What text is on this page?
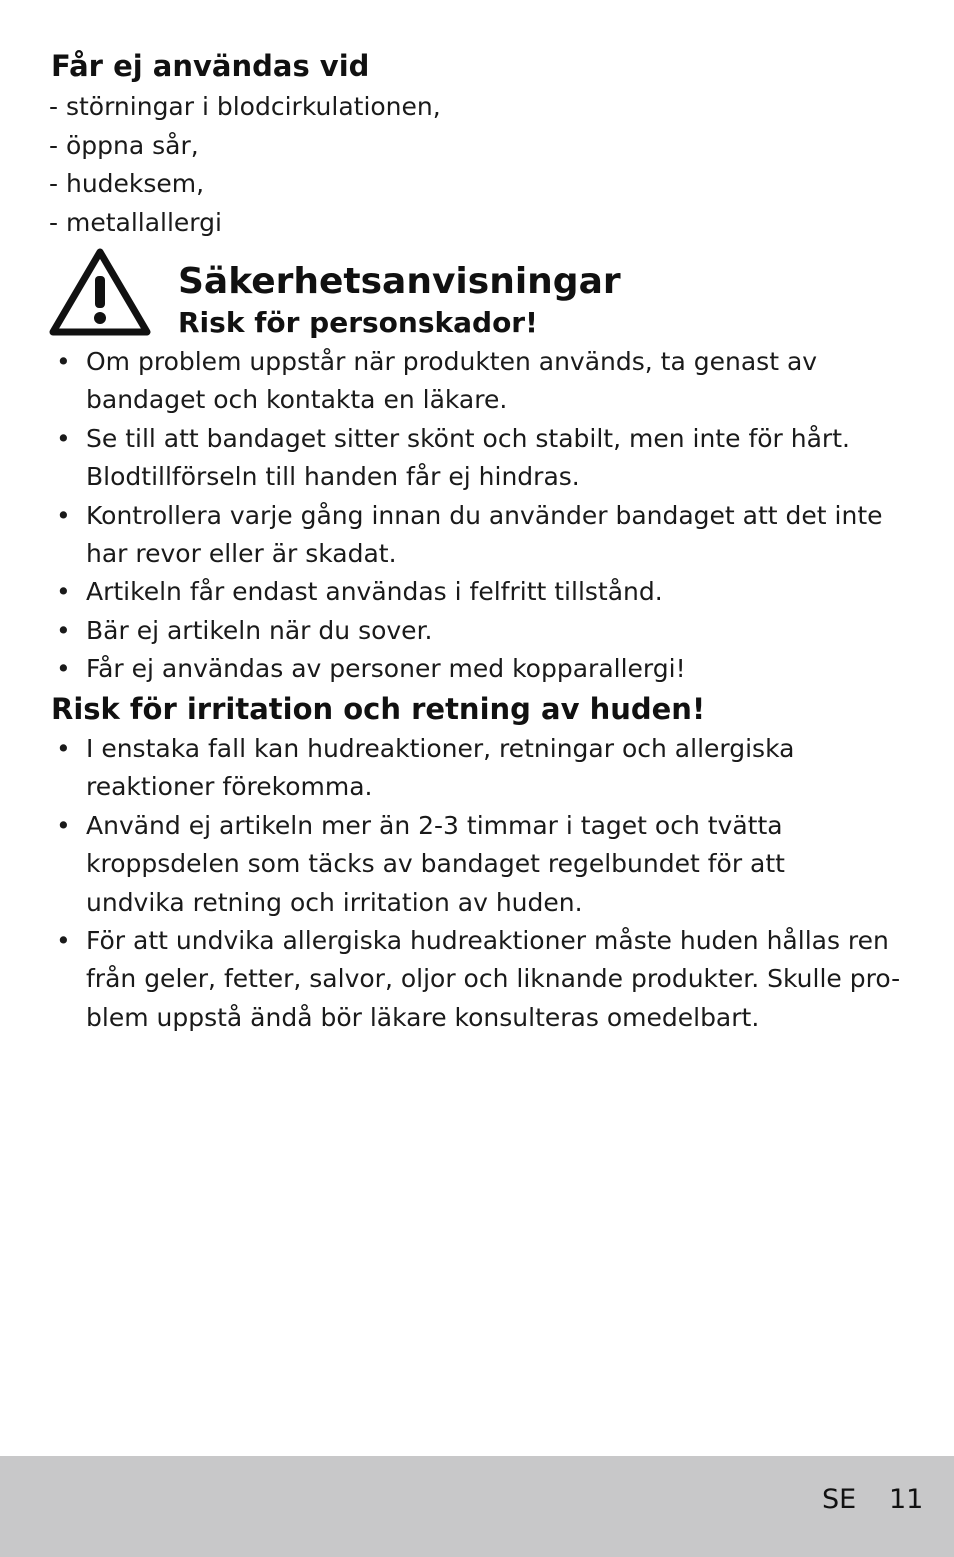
Får ej användas vid
- störningar i blodcirkulationen,
- öppna sår,
- hudeksem,
- metallallergi
Säkerhetsanvisningar
Risk för personskador!
• Om problem uppstår när produkten används, ta genast av
bandaget och kontakta en läkare.
• Se till att bandaget sitter skönt och stabilt, men inte för hårt.
Blodtillförseln till handen får ej hindras.
• Kontrollera varje gång innan du använder bandaget att det inte
har revor eller är skadat.
• Artikeln får endast användas i felfritt tillstånd.
• Bär ej artikeln när du sover.
• Får ej användas av personer med kopparallergi!
Risk för irritation och retning av huden!
• I enstaka fall kan hudreaktioner, retningar och allergiska
reaktioner förekomma.
• Använd ej artikeln mer än 2-3 timmar i taget och tvätta
kroppsdelen som täcks av bandaget regelbundet för att
undvika retning och irritation av huden.
• För att undvika allergiska hudreaktioner måste huden hållas ren
från geler, fetter, salvor, oljor och liknande produkter. Skulle pro-
blem uppstå ändå bör läkare konsulteras omedelbart.
SE 11
